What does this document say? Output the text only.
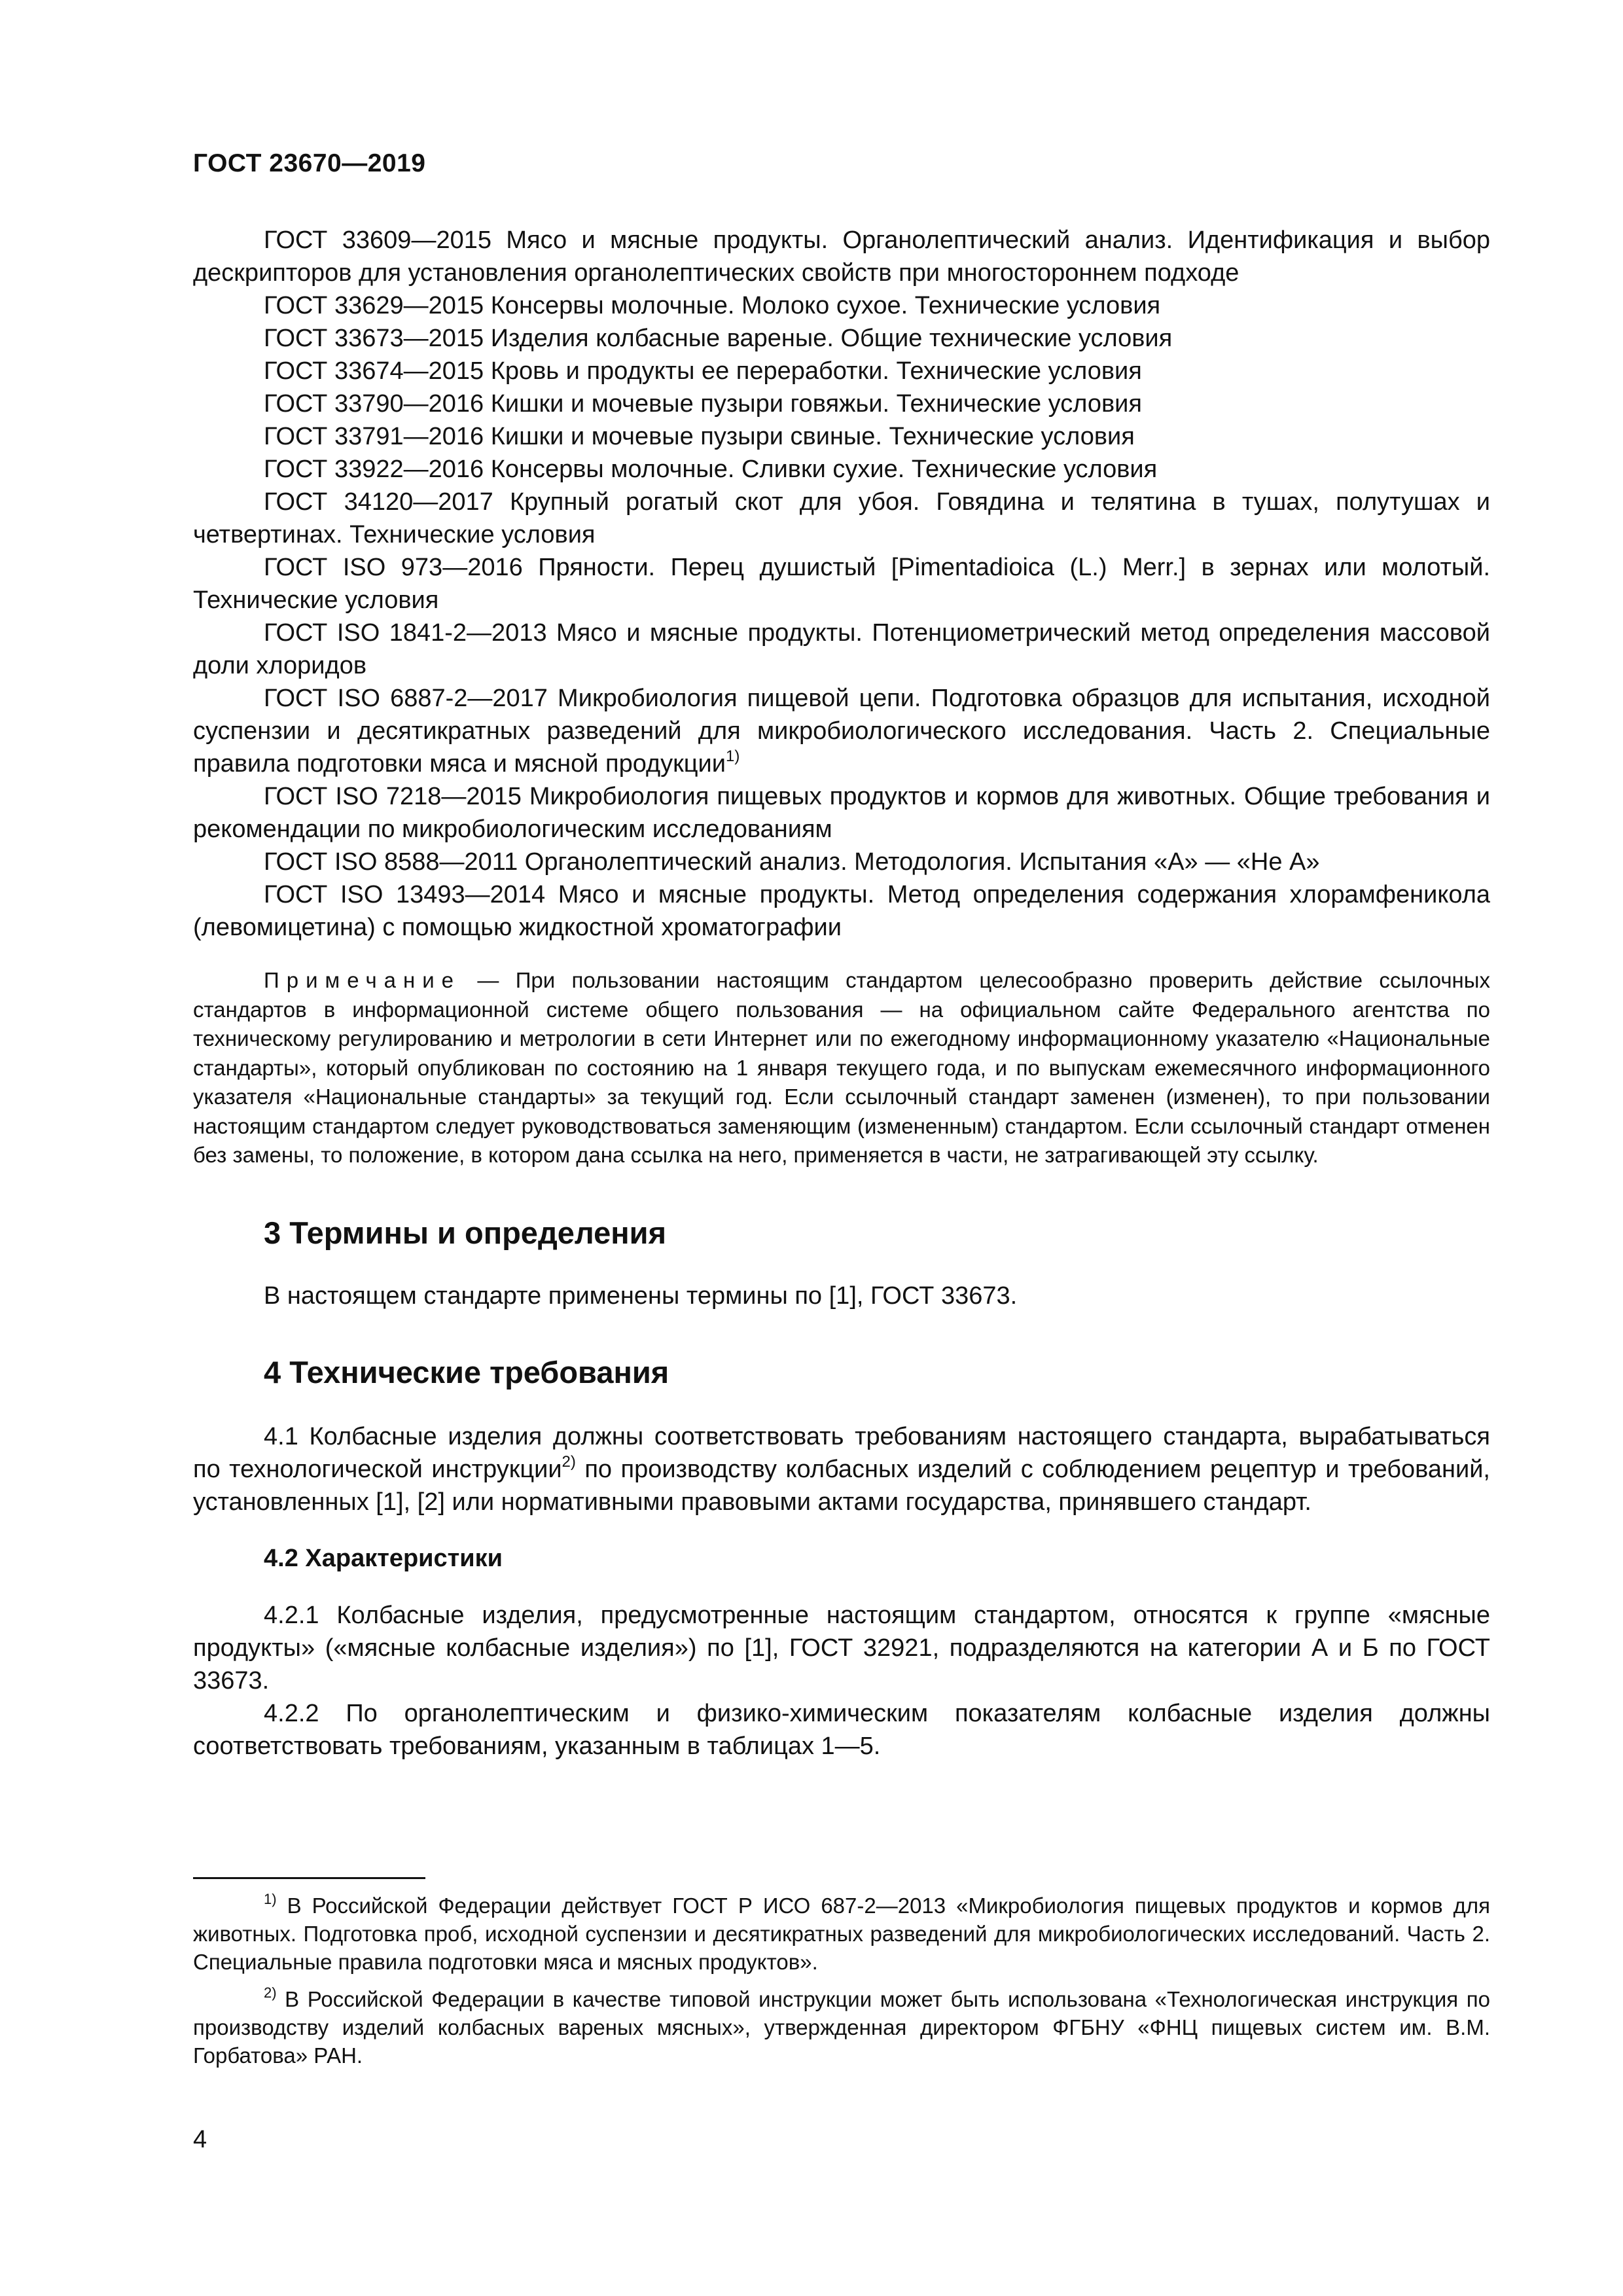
ГОСТ 23670—2019

ГОСТ 33609—2015 Мясо и мясные продукты. Органолептический анализ. Идентификация и выбор дескрипторов для установления органолептических свойств при многостороннем подходе

ГОСТ 33629—2015 Консервы молочные. Молоко сухое. Технические условия

ГОСТ 33673—2015 Изделия колбасные вареные. Общие технические условия

ГОСТ 33674—2015 Кровь и продукты ее переработки. Технические условия

ГОСТ 33790—2016 Кишки и мочевые пузыри говяжьи. Технические условия

ГОСТ 33791—2016 Кишки и мочевые пузыри свиные. Технические условия

ГОСТ 33922—2016 Консервы молочные. Сливки сухие. Технические условия

ГОСТ 34120—2017 Крупный рогатый скот для убоя. Говядина и телятина в тушах, полутушах и четвертинах. Технические условия

ГОСТ ISO 973—2016 Пряности. Перец душистый [Pimentadioica (L.) Merr.] в зернах или молотый. Технические условия

ГОСТ ISO 1841-2—2013 Мясо и мясные продукты. Потенциометрический метод определения массовой доли хлоридов

ГОСТ ISO 6887-2—2017 Микробиология пищевой цепи. Подготовка образцов для испытания, исходной суспензии и десятикратных разведений для микробиологического исследования. Часть 2. Специальные правила подготовки мяса и мясной продукции$^{1)}$

ГОСТ ISO 7218—2015 Микробиология пищевых продуктов и кормов для животных. Общие требования и рекомендации по микробиологическим исследованиям

ГОСТ ISO 8588—2011 Органолептический анализ. Методология. Испытания «А» — «Не А»

ГОСТ ISO 13493—2014 Мясо и мясные продукты. Метод определения содержания хлорамфеникола (левомицетина) с помощью жидкостной хроматографии

Примечание — При пользовании настоящим стандартом целесообразно проверить действие ссылочных стандартов в информационной системе общего пользования — на официальном сайте Федерального агентства по техническому регулированию и метрологии в сети Интернет или по ежегодному информационному указателю «Национальные стандарты», который опубликован по состоянию на 1 января текущего года, и по выпускам ежемесячного информационного указателя «Национальные стандарты» за текущий год. Если ссылочный стандарт заменен (изменен), то при пользовании настоящим стандартом следует руководствоваться заменяющим (измененным) стандартом. Если ссылочный стандарт отменен без замены, то положение, в котором дана ссылка на него, применяется в части, не затрагивающей эту ссылку.

3 Термины и определения

В настоящем стандарте применены термины по [1], ГОСТ 33673.

4 Технические требования

4.1 Колбасные изделия должны соответствовать требованиям настоящего стандарта, вырабатываться по технологической инструкции$^{2)}$ по производству колбасных изделий с соблюдением рецептур и требований, установленных [1], [2] или нормативными правовыми актами государства, принявшего стандарт.

4.2 Характеристики

4.2.1 Колбасные изделия, предусмотренные настоящим стандартом, относятся к группе «мясные продукты» («мясные колбасные изделия») по [1], ГОСТ 32921, подразделяются на категории А и Б по ГОСТ 33673.

4.2.2 По органолептическим и физико-химическим показателям колбасные изделия должны соответствовать требованиям, указанным в таблицах 1—5.

$^{1)}$ В Российской Федерации действует ГОСТ Р ИСО 687-2—2013 «Микробиология пищевых продуктов и кормов для животных. Подготовка проб, исходной суспензии и десятикратных разведений для микробиологических исследований. Часть 2. Специальные правила подготовки мяса и мясных продуктов».

$^{2)}$ В Российской Федерации в качестве типовой инструкции может быть использована «Технологическая инструкция по производству изделий колбасных вареных мясных», утвержденная директором ФГБНУ «ФНЦ пищевых систем им. В.М. Горбатова» РАН.

4
